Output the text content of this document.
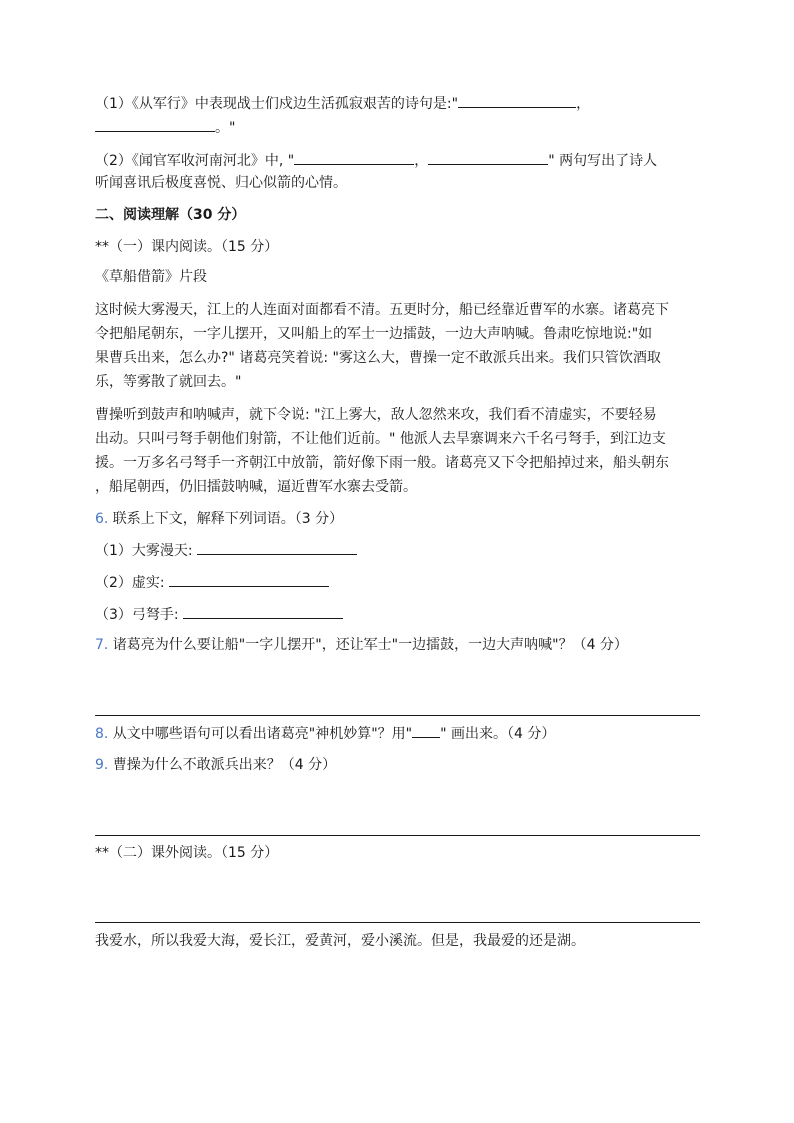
（1）《从军行》中表现战士们戍边生活孤寂艰苦的诗句是:"	，
。"
（2）《闻官军收河南河北》中, "	，	" 两句写出了诗人
听闻喜讯后极度喜悦、归心似箭的心情。
二、阅读理解（30 分）
**（一）课内阅读。（15 分）
《草船借箭》片段
这时候大雾漫天，江上的人连面对面都看不清。五更时分，船已经靠近曹军的水寨。诸葛亮下
令把船尾朝东，一字儿摆开，又叫船上的军士一边擂鼓，一边大声呐喊。鲁肃吃惊地说:"如
果曹兵出来，怎么办?" 诸葛亮笑着说: "雾这么大，曹操一定不敢派兵出来。我们只管饮酒取
乐，等雾散了就回去。"
曹操听到鼓声和呐喊声，就下令说: "江上雾大，敌人忽然来攻，我们看不清虚实，不要轻易
出动。只叫弓弩手朝他们射箭，不让他们近前。" 他派人去旱寨调来六千名弓弩手，到江边支
援。一万多名弓弩手一齐朝江中放箭，箭好像下雨一般。诸葛亮又下令把船掉过来，船头朝东
，船尾朝西，仍旧擂鼓呐喊，逼近曹军水寨去受箭。
6. 联系上下文，解释下列词语。（3 分）
（1）大雾漫天:
（2）虚实:
（3）弓弩手:
7. 诸葛亮为什么要让船"一字儿摆开"，还让军士"一边擂鼓，一边大声呐喊"？（4 分）
8. 从文中哪些语句可以看出诸葛亮"神机妙算"？用" " 画出来。（4 分）
9. 曹操为什么不敢派兵出来？（4 分）
**（二）课外阅读。（15 分）
我爱水，所以我爱大海，爱长江，爱黄河，爱小溪流。但是，我最爱的还是湖。
